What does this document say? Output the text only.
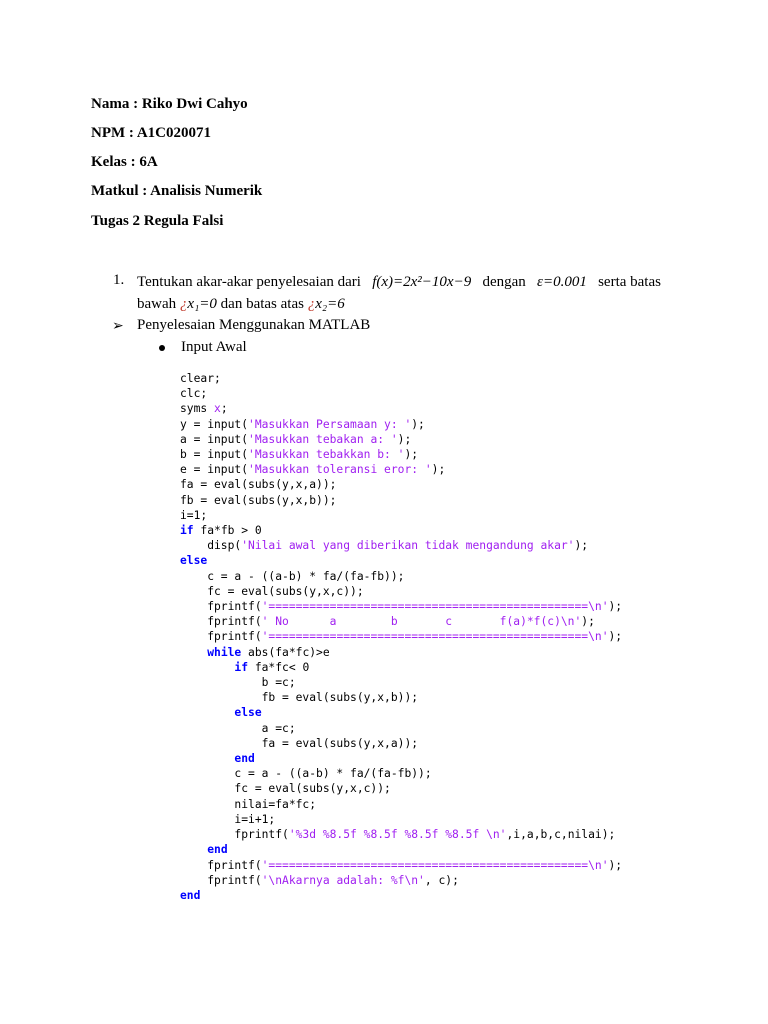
Nama : Riko Dwi Cahyo
NPM : A1C020071
Kelas : 6A
Matkul : Analisis Numerik
Tugas 2 Regula Falsi
1. Tentukan akar-akar penyelesaian dari f(x)=2x²−10x−9 dengan ε=0.001 serta batas
bawah ¿x₁=0 dan batas atas ¿x₂=6
➢ Penyelesaian Menggunakan MATLAB
Input Awal
clear;
clc;
syms x;
y = input('Masukkan Persamaan y: ');
a = input('Masukkan tebakan a: ');
b = input('Masukkan tebakkan b: ');
e = input('Masukkan toleransi eror: ');
fa = eval(subs(y,x,a));
fb = eval(subs(y,x,b));
i=1;
if fa*fb > 0
disp('Nilai awal yang diberikan tidak mengandung akar');
else
c = a - ((a-b) * fa/(fa-fb));
fc = eval(subs(y,x,c));
fprintf('===============================================\n');
fprintf(' No      a        b       c       f(a)*f(c)\n');
fprintf('===============================================\n');
while abs(fa*fc)>e
if fa*fc< 0
b =c;
fb = eval(subs(y,x,b));
else
a =c;
fa = eval(subs(y,x,a));
end
c = a - ((a-b) * fa/(fa-fb));
fc = eval(subs(y,x,c));
nilai=fa*fc;
i=i+1;
fprintf('%3d %8.5f %8.5f %8.5f %8.5f \n',i,a,b,c,nilai);
end
fprintf('===============================================\n');
fprintf('\nAkarnya adalah: %f\n', c);
end
